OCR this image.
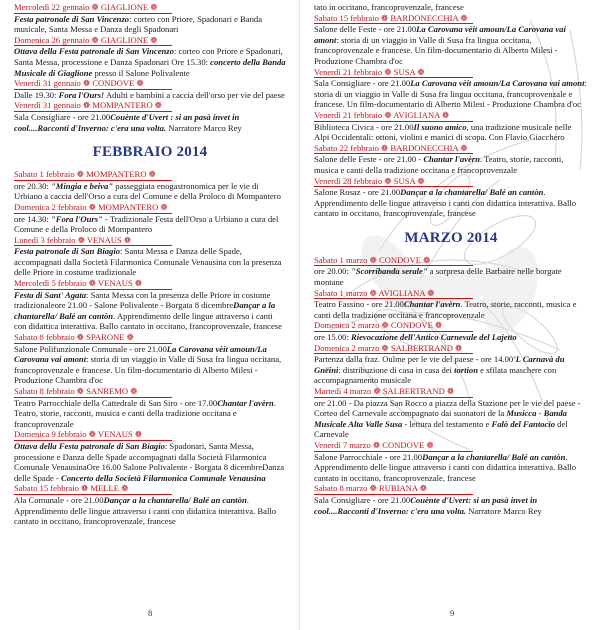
Mercoledì 22 gennaio ❁ GIAGLIONE ❁
Festa patronale di San Vincenzo: corteo con Priore, Spadonari e Banda musicale, Santa Messa e Danza degli Spadonari
Domenica 26 gennaio ❁ GIAGLIONE ❁
Ottava della Festa patronale di San Vincenzo: corteo con Priore e Spadonari, Santa Messa, processione e Danza Spadonari Ore 15.30: concerto della Banda Musicale di Giaglione presso il Salone Polivalente
Venerdì 31 gennaio ❁ CONDOVE ❁
Dalle 19.30: Fora l'Ours! Adulti e bambini a caccia dell'orso per vie del paese
Venerdì 31 gennaio ❁ MOMPANTERO ❁
Sala Consigliare - ore 21.00Couènte d'Uvert : si an pasà invet in cool....Racconti d'Inverno: c'era una volta. Narratore Marco Rey
FEBBRAIO 2014
Sabato 1 febbraio ❁ MOMPANTERO ❁
ore 20.30: "Mingia e beiva" passeggiata enogastronomica per le vie di Urbiano a caccia dell'Orso a cura del Comune e della Proloco di Mompantero
Domenica 2 febbraio ❁ MOMPANTERO ❁
ore 14.30: "Fora l'Ours" - Tradizionale Festa dell'Orso a Urbiano a cura del Comune e della Proloco di Mompantero
Lunedì 3 febbraio ❁ VENAUS ❁
Festa patronale di San Biagio: Santa Messa e Danza delle Spade, accompagnati dalla Società Filarmonica Comunale Venausina con la presenza delle Priore in costume tradizionale
Mercoledì 5 febbraio ❁ VENAUS ❁
Festa di Sant' Agata: Santa Messa con la presenza delle Priore in costume tradizionaleore 21.00 - Salone Polivalente - Borgata 8 dicembreDançar a la chantarella/ Balé an cantòn. Apprendimento delle lingue attraverso i canti con didattica interattiva. Ballo cantato in occitano, francoprovenzale, francese
Sabato 8 febbraio ❁ SPARONE ❁
Salone Polifunzionale Comunale - ore 21.00La Carovana vèit amoun/La Carovana vai amont: storia di un viaggio in Valle di Susa fra lingua occitana, francoprovenzale e francese. Un film-documentario di Alberto Milesi - Produzione Chambra d'oc
Sabato 8 febbraio ❁ SANREMO ❁
Teatro Parrocchiale della Cattedrale di San Siro - ore 17.00Chantar l'avèrn. Teatro, storie, racconti, musica e canti della tradizione occitana e francoprovenzale
Domenica 9 febbraio ❁ VENAUS ❁
Ottava della Festa patronale di San Biagio: Spadonari, Santa Messa, processione e Danza delle Spade accompagnati dalla Società Filarmonica Comunale VenausinaOre 16.00 Salone Polivalente - Borgata 8 dicembreDanza delle Spade - Concerto della Società Filarmonica Comunale Venausina
Sabato 15 febbraio ❁ MELLE ❁
Ala Comunale - ore 21.00Dançar a la chantarella/ Balé an cantòn. Apprendimento delle lingue attraverso i canti con didattica interattiva. Ballo cantato in occitano, francoprovenzale, francese
8
tato in occitano, francoprovenzale, francese
Sabato 15 febbraio ❁ BARDONECCHIA ❁
Salone delle Feste - ore 21.00La Carovana vèit amoun/La Carovana vai amont: storia di un viaggio in Valle di Susa fra lingua occitana, francoprovenzale e francese. Un film-documentario di Alberto Milesi - Produzione Chambra d'oc
Venerdì 21 febbraio ❁ SUSA ❁
Sala Consigliare - ore 21.00La Carovana vèit amoun/La Carovana vai amont: storia di un viaggio in Valle di Susa fra lingua occitana, francoprovenzale e francese. Un film-documentario di Alberto Milesi - Produzione Chambra d'oc
Venerdì 21 febbraio ❁ AVIGLIANA ❁
Biblioteca Civica - ore 21.00Il suono amico, una tradizione musicale nelle Alpi Occidentali: ottoni, violini e manici di scopa. Con Flavio Giacchero
Sabato 22 febbraio ❁ BARDONECCHIA ❁
Salone delle Feste - ore 21.00 - Chantar l'avèrn. Teatro, storie, racconti, musica e canti della tradizione occitana e francoprovenzale
Venerdì 28 febbraio ❁ SUSA ❁
Salone Rosaz - ore 21.00Dançar a la chantarella/ Balé an cantòn. Apprendimento delle lingue attraverso i canti con didattica interattiva. Ballo cantato in occitano, francoprovenzale, francese
MARZO 2014
Sabato 1 marzo ❁ CONDOVE ❁
ore 20.00: "Scorribanda serale" a sorpresa delle Barbaire nelle borgate montane
Sabato 1 marzo ❁ AVIGLIANA ❁
Teatro Fassino - ore 21.00Chantar l'avèrn. Teatro, storie, racconti, musica e canti della tradizione occitana e francoprovenzale
Domenica 2 marzo ❁ CONDOVE ❁
ore 15.00: Rievocazione dell'Antico Carnevale del Lajetto
Domenica 2 marzo ❁ SALBERTRAND ❁
Partenza dalla fraz. Oulme per le vie del paese - ore 14.00'L Carnavà du Gnëini: distribuzione di casa in casa dei tortion e sfilata maschere con accompagnamento musicale
Martedì 4 marzo ❁ SALBERTRAND ❁
ore 21.00 - Da piazza San Rocco a piazza della Stazione per le vie del paese - Corteo del Carnevale accompagnato dai suonatori de la Musicca - Banda Musicale Alta Valle Susa - lettura del testamento e Falò del Fantocio del Carnevale
Venerdì 7 marzo ❁ CONDOVE ❁
Salone Parrocchiale - ore 21.00Dançar a la chantarella/ Balé an cantòn. Apprendimento delle lingue attraverso i canti con didattica interattiva. Ballo cantato in occitano, francoprovenzale, francese
Sabato 8 marzo ❁ RUBIANA ❁
Sala Consigliare - ore 21.00Couènte d'Uvert: si an pasà invet in cool....Racconti d'Inverno: c'era una volta. Narratore Marco Rey
9
